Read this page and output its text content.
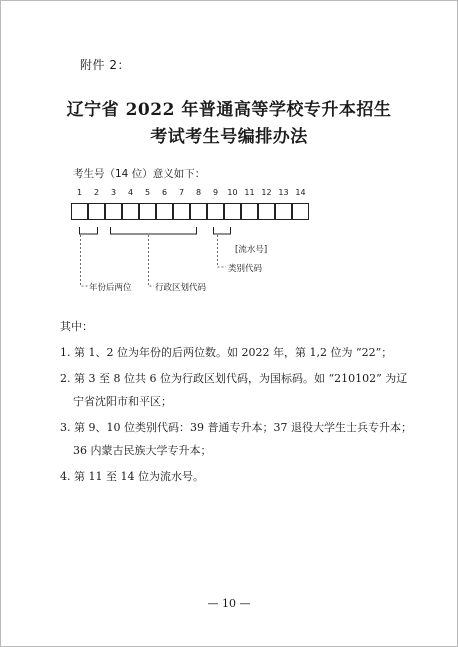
附件 2：
辽宁省 2022 年普通高等学校专升本招生
考试考生号编排办法
考生号（14 位）意义如下：
1	2	3	4	5	6	7	8	9	10 11 12 13 14
[流水号]
类别代码
年份后两位	行政区划代码
其中：
1. 第 1、2 位为年份的后两位数。如 2022 年，第 1,2 位为 “22”；
2. 第 3 至 8 位共 6 位为行政区划代码，为国标码。如 “210102” 为辽
宁省沈阳市和平区；
3. 第 9、10 位类别代码：39 普通专升本；37 退役大学生士兵专升本；
36 内蒙古民族大学专升本；
4. 第 11 至 14 位为流水号。
— 10 —
